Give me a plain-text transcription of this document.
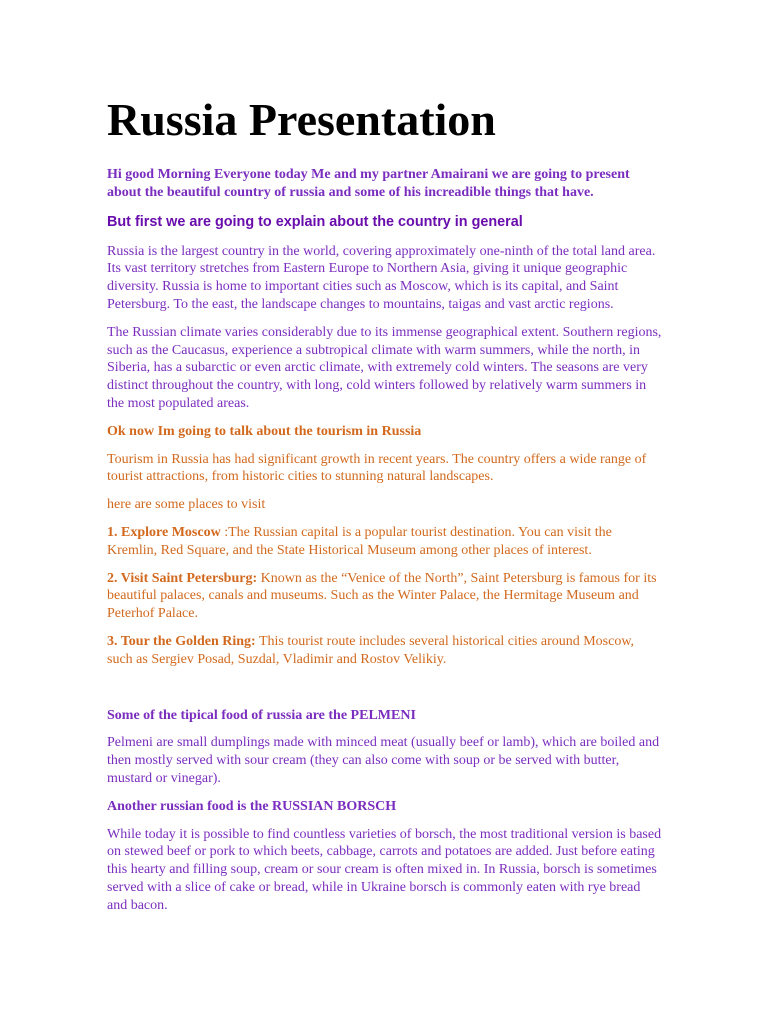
Russia Presentation

Hi good Morning Everyone today Me and my partner Amairani we are going to present about the beautiful country of russia and some of his increadible things that have.

But first we are going to explain about the country in general

Russia is the largest country in the world, covering approximately one-ninth of the total land area. Its vast territory stretches from Eastern Europe to Northern Asia, giving it unique geographic diversity. Russia is home to important cities such as Moscow, which is its capital, and Saint Petersburg. To the east, the landscape changes to mountains, taigas and vast arctic regions.

The Russian climate varies considerably due to its immense geographical extent. Southern regions, such as the Caucasus, experience a subtropical climate with warm summers, while the north, in Siberia, has a subarctic or even arctic climate, with extremely cold winters. The seasons are very distinct throughout the country, with long, cold winters followed by relatively warm summers in the most populated areas.

Ok now Im going to talk about the tourism in Russia

Tourism in Russia has had significant growth in recent years. The country offers a wide range of tourist attractions, from historic cities to stunning natural landscapes.

here are some places to visit

1. Explore Moscow :The Russian capital is a popular tourist destination. You can visit the Kremlin, Red Square, and the State Historical Museum among other places of interest.

2. Visit Saint Petersburg: Known as the “Venice of the North”, Saint Petersburg is famous for its beautiful palaces, canals and museums. Such as the Winter Palace, the Hermitage Museum and Peterhof Palace.

3. Tour the Golden Ring: This tourist route includes several historical cities around Moscow, such as Sergiev Posad, Suzdal, Vladimir and Rostov Velikiy.

Some of the tipical food of russia are the PELMENI

Pelmeni are small dumplings made with minced meat (usually beef or lamb), which are boiled and then mostly served with sour cream (they can also come with soup or be served with butter, mustard or vinegar).

Another russian food is the RUSSIAN BORSCH

While today it is possible to find countless varieties of borsch, the most traditional version is based on stewed beef or pork to which beets, cabbage, carrots and potatoes are added. Just before eating this hearty and filling soup, cream or sour cream is often mixed in. In Russia, borsch is sometimes served with a slice of cake or bread, while in Ukraine borsch is commonly eaten with rye bread and bacon.
